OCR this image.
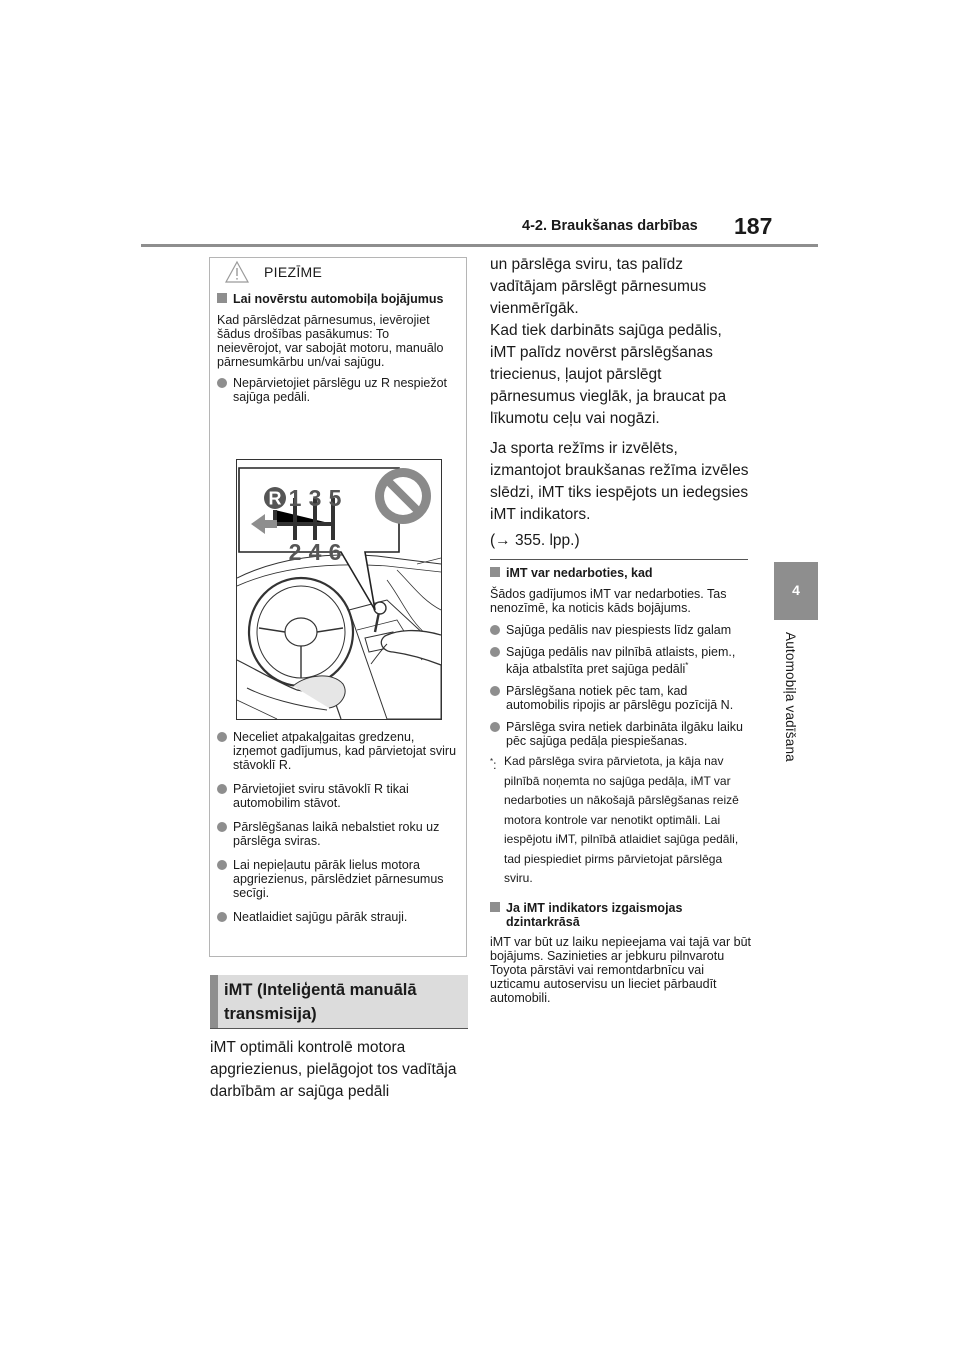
4-2. Braukšanas darbības 187
4
Automobiļa vadīšana
PIEZĪME
Lai novērstu automobiļa bojājumus
Kad pārslēdzat pārnesumus, ievērojiet šādus drošības pasākumus: To neievērojot, var sabojāt motoru, manuālo pārnesumkārbu un/vai sajūgu.
Nepārvietojiet pārslēgu uz R nespiežot sajūga pedāli.
R 1 3 5
2 4 6
Neceliet atpakaļgaitas gredzenu, izņemot gadījumus, kad pārvietojat sviru stāvoklī R.
Pārvietojiet sviru stāvoklī R tikai automobilim stāvot.
Pārslēgšanas laikā nebalstiet roku uz pārslēga sviras.
Lai nepieļautu pārāk lielus motora apgriezienus, pārslēdziet pārnesumus secīgi.
Neatlaidiet sajūgu pārāk strauji.
iMT (Inteliģentā manuālā transmisija)
iMT optimāli kontrolē motora apgriezienus, pielāgojot tos vadītāja darbībām ar sajūga pedāli
un pārslēga sviru, tas palīdz vadītājam pārslēgt pārnesumus vienmērīgāk.
Kad tiek darbināts sajūga pedālis, iMT palīdz novērst pārslēgšanas triecienus, ļaujot pārslēgt pārnesumus vieglāk, ja braucat pa līkumotu ceļu vai nogāzi.
Ja sporta režīms ir izvēlēts, izmantojot braukšanas režīma izvēles slēdzi, iMT tiks iespējots un iedegsies iMT indikators.
(→ 355. lpp.)
iMT var nedarboties, kad
Šādos gadījumos iMT var nedarboties. Tas nenozīmē, ka noticis kāds bojājums.
Sajūga pedālis nav piespiests līdz galam
Sajūga pedālis nav pilnībā atlaists, piem., kāja atbalstīta pret sajūga pedāli*
Pārslēgšana notiek pēc tam, kad automobilis ripojis ar pārslēgu pozīcijā N.
Pārslēga svira netiek darbināta ilgāku laiku pēc sajūga pedāļa piespiešanas.
*: Kad pārslēga svira pārvietota, ja kāja nav pilnībā noņemta no sajūga pedāļa, iMT var nedarboties un nākošajā pārslēgšanas reizē motora kontrole var nenotikt optimāli. Lai iespējotu iMT, pilnībā atlaidiet sajūga pedāli, tad piespiediet pirms pārvietojat pārslēga sviru.
Ja iMT indikators izgaismojas dzintarkrāsā
iMT var būt uz laiku nepieejama vai tajā var būt bojājums. Sazinieties ar jebkuru pilnvarotu Toyota pārstāvi vai remontdarbnīcu vai uzticamu autoservisu un lieciet pārbaudīt automobili.
